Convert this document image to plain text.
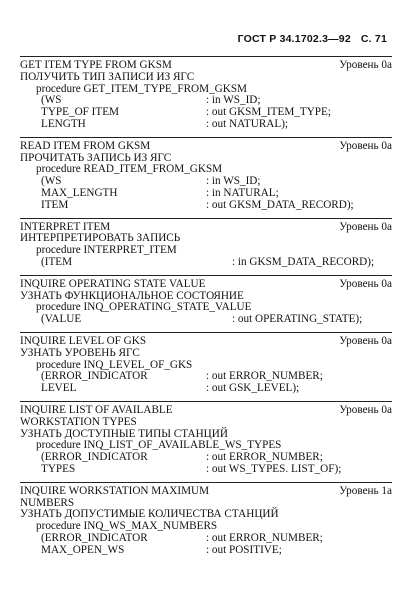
ГОСТ Р 34.1702.3—92 С. 71
GET ITEM TYPE FROM GKSM	Уровень 0a
ПОЛУЧИТЬ ТИП ЗАПИСИ ИЗ ЯГС
procedure GET_ITEM_TYPE_FROM_GKSM
(WS	: in WS_ID;
TYPE_OF ITEM	: out GKSM_ITEM_TYPE;
LENGTH	: out NATURAL);
READ ITEM FROM GKSM	Уровень 0a
ПРОЧИТАТЬ ЗАПИСЬ ИЗ ЯГС
procedure READ_ITEM_FROM_GKSM
(WS	: in WS_ID;
MAX_LENGTH	: in NATURAL;
ITEM	: out GKSM_DATA_RECORD);
INTERPRET ITEM	Уровень 0a
ИНТЕРПРЕТИРОВАТЬ ЗАПИСЬ
procedure INTERPRET_ITEM
(ITEM	: in GKSM_DATA_RECORD);
INQUIRE OPERATING STATE VALUE	Уровень 0a
УЗНАТЬ ФУНКЦИОНАЛЬНОЕ СОСТОЯНИЕ
procedure INQ_OPERATING_STATE_VALUE
(VALUE	: out OPERATING_STATE);
INQUIRE LEVEL OF GKS	Уровень 0a
УЗНАТЬ УРОВЕНЬ ЯГС
procedure INQ_LEVEL_OF_GKS
(ERROR_INDICATOR	: out ERROR_NUMBER;
LEVEL	: out GSK_LEVEL);
INQUIRE LIST OF AVAILABLE	Уровень 0a
WORKSTATION TYPES
УЗНАТЬ ДОСТУПНЫЕ ТИПЫ СТАНЦИЙ
procedure INQ_LIST_OF_AVAILABLE_WS_TYPES
(ERROR_INDICATOR	: out ERROR_NUMBER;
TYPES	: out WS_TYPES. LIST_OF);
INQUIRE WORKSTATION MAXIMUM	Уровень 1a
NUMBERS
УЗНАТЬ ДОПУСТИМЫЕ КОЛИЧЕСТВА СТАНЦИЙ
procedure INQ_WS_MAX_NUMBERS
(ERROR_INDICATOR	: out ERROR_NUMBER;
MAX_OPEN_WS	: out POSITIVE;
